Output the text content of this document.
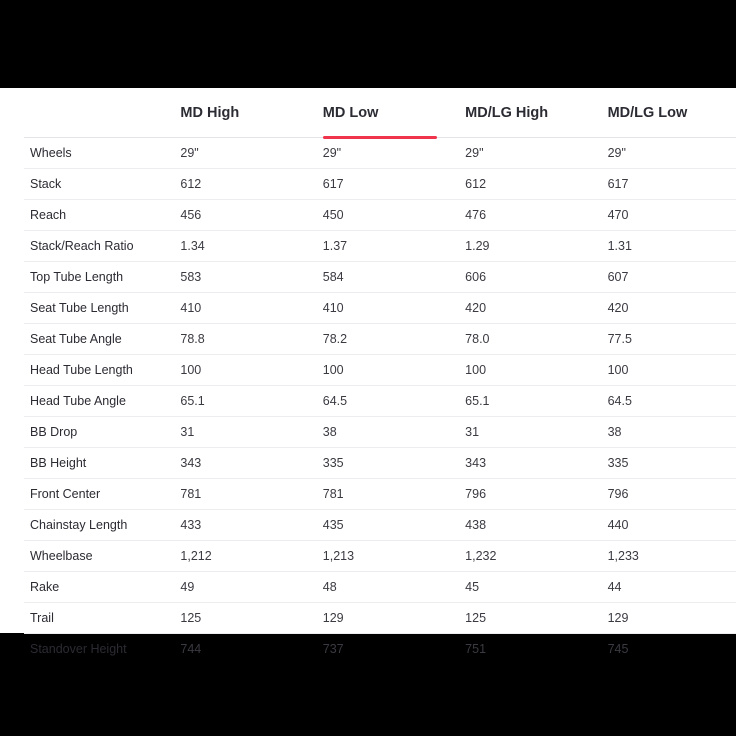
	MD High	MD Low	MD/LG High	MD/LG Low
Wheels	29"	29"	29"	29"
Stack	612	617	612	617
Reach	456	450	476	470
Stack/Reach Ratio	1.34	1.37	1.29	1.31
Top Tube Length	583	584	606	607
Seat Tube Length	410	410	420	420
Seat Tube Angle	78.8	78.2	78.0	77.5
Head Tube Length	100	100	100	100
Head Tube Angle	65.1	64.5	65.1	64.5
BB Drop	31	38	31	38
BB Height	343	335	343	335
Front Center	781	781	796	796
Chainstay Length	433	435	438	440
Wheelbase	1,212	1,213	1,232	1,233
Rake	49	48	45	44
Trail	125	129	125	129
Standover Height	744	737	751	745
